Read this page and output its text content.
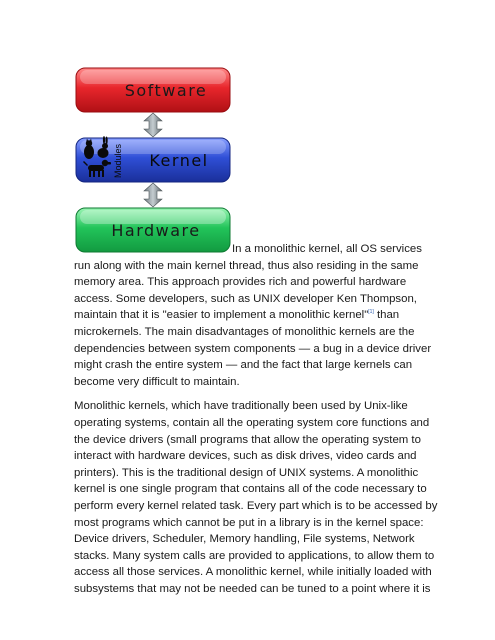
Software
Modules Kernel
Hardware

In a monolithic kernel, all OS services
run along with the main kernel thread, thus also residing in the same
memory area. This approach provides rich and powerful hardware
access. Some developers, such as UNIX developer Ken Thompson,
maintain that it is "easier to implement a monolithic kernel"[1] than
microkernels. The main disadvantages of monolithic kernels are the
dependencies between system components — a bug in a device driver
might crash the entire system — and the fact that large kernels can
become very difficult to maintain.

Monolithic kernels, which have traditionally been used by Unix-like
operating systems, contain all the operating system core functions and
the device drivers (small programs that allow the operating system to
interact with hardware devices, such as disk drives, video cards and
printers). This is the traditional design of UNIX systems. A monolithic
kernel is one single program that contains all of the code necessary to
perform every kernel related task. Every part which is to be accessed by
most programs which cannot be put in a library is in the kernel space:
Device drivers, Scheduler, Memory handling, File systems, Network
stacks. Many system calls are provided to applications, to allow them to
access all those services. A monolithic kernel, while initially loaded with
subsystems that may not be needed can be tuned to a point where it is
